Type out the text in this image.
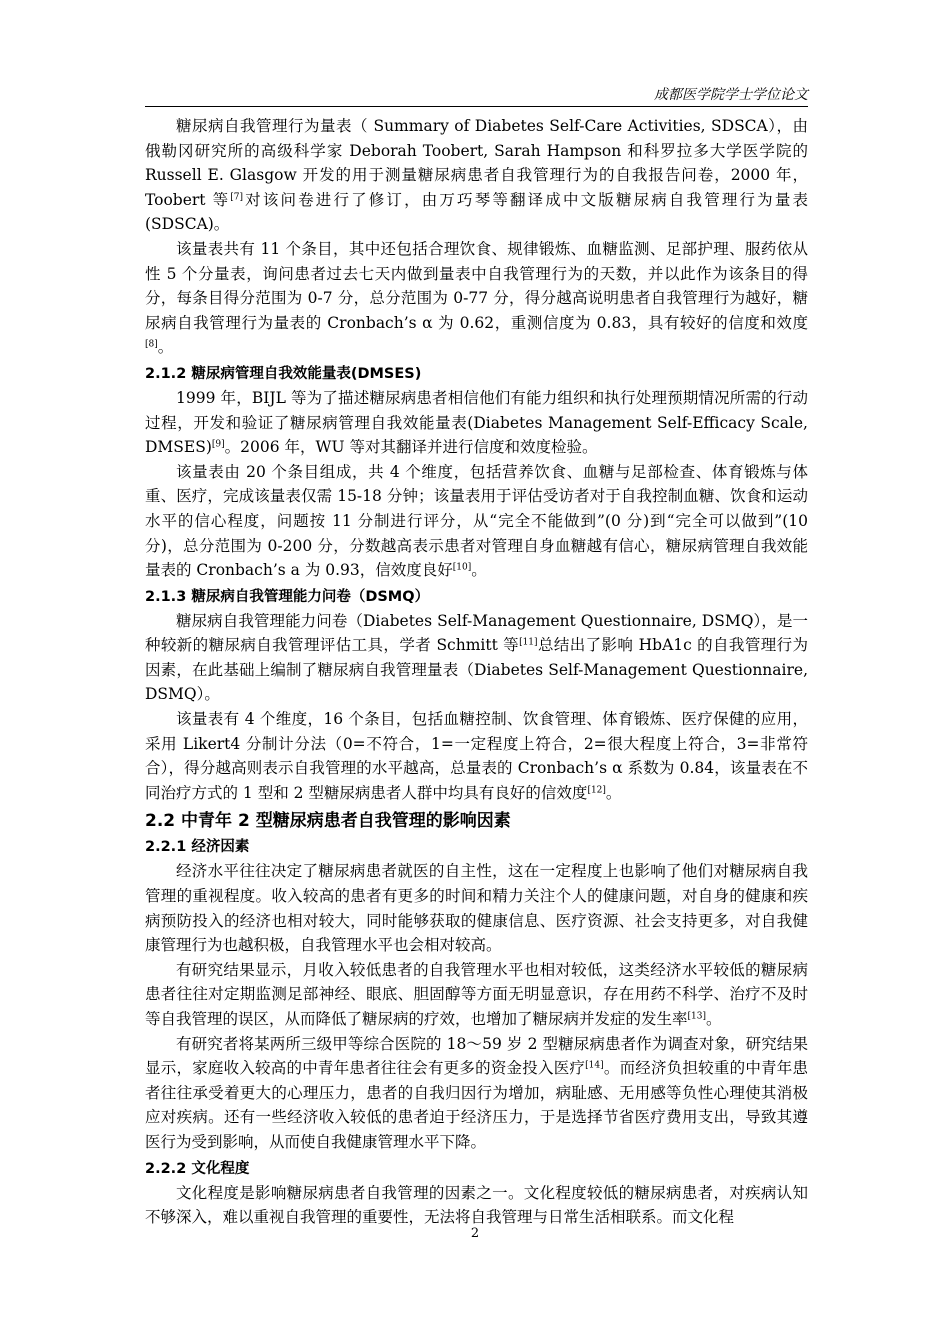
成都医学院学士学位论文

糖尿病自我管理行为量表（ Summary of Diabetes Self-Care Activities, SDSCA），由俄勒冈研究所的高级科学家 Deborah Toobert, Sarah Hampson 和科罗拉多大学医学院的 Russell E. Glasgow 开发的用于测量糖尿病患者自我管理行为的自我报告问卷，2000 年，Toobert 等[7]对该问卷进行了修订，由万巧琴等翻译成中文版糖尿病自我管理行为量表(SDSCA)。

该量表共有 11 个条目，其中还包括合理饮食、规律锻炼、血糖监测、足部护理、服药依从性 5 个分量表，询问患者过去七天内做到量表中自我管理行为的天数，并以此作为该条目的得分，每条目得分范围为 0-7 分，总分范围为 0-77 分，得分越高说明患者自我管理行为越好，糖尿病自我管理行为量表的 Cronbach’s α 为 0.62，重测信度为 0.83，具有较好的信度和效度[8]。

2.1.2 糖尿病管理自我效能量表(DMSES)

1999 年，BIJL 等为了描述糖尿病患者相信他们有能力组织和执行处理预期情况所需的行动过程，开发和验证了糖尿病管理自我效能量表(Diabetes Management Self-Efficacy Scale, DMSES)[9]。2006 年，WU 等对其翻译并进行信度和效度检验。

该量表由 20 个条目组成，共 4 个维度，包括营养饮食、血糖与足部检查、体育锻炼与体重、医疗，完成该量表仅需 15-18 分钟；该量表用于评估受访者对于自我控制血糖、饮食和运动水平的信心程度，问题按 11 分制进行评分，从“完全不能做到”(0 分)到“完全可以做到”(10 分)，总分范围为 0-200 分，分数越高表示患者对管理自身血糖越有信心，糖尿病管理自我效能量表的 Cronbach’s a 为 0.93，信效度良好[10]。

2.1.3 糖尿病自我管理能力问卷（DSMQ）

糖尿病自我管理能力问卷（Diabetes Self-Management Questionnaire, DSMQ），是一种较新的糖尿病自我管理评估工具，学者 Schmitt 等[11]总结出了影响 HbA1c 的自我管理行为因素，在此基础上编制了糖尿病自我管理量表（Diabetes Self-Management Questionnaire, DSMQ）。

该量表有 4 个维度，16 个条目，包括血糖控制、饮食管理、体育锻炼、医疗保健的应用，采用 Likert4 分制计分法（0=不符合，1=一定程度上符合，2=很大程度上符合，3=非常符合），得分越高则表示自我管理的水平越高，总量表的 Cronbach’s α 系数为 0.84，该量表在不同治疗方式的 1 型和 2 型糖尿病患者人群中均具有良好的信效度[12]。

2.2 中青年 2 型糖尿病患者自我管理的影响因素
2.2.1 经济因素

经济水平往往决定了糖尿病患者就医的自主性，这在一定程度上也影响了他们对糖尿病自我管理的重视程度。收入较高的患者有更多的时间和精力关注个人的健康问题，对自身的健康和疾病预防投入的经济也相对较大，同时能够获取的健康信息、医疗资源、社会支持更多，对自我健康管理行为也越积极，自我管理水平也会相对较高。

有研究结果显示，月收入较低患者的自我管理水平也相对较低，这类经济水平较低的糖尿病患者往往对定期监测足部神经、眼底、胆固醇等方面无明显意识，存在用药不科学、治疗不及时等自我管理的误区，从而降低了糖尿病的疗效，也增加了糖尿病并发症的发生率[13]。

有研究者将某两所三级甲等综合医院的 18～59 岁 2 型糖尿病患者作为调查对象，研究结果显示，家庭收入较高的中青年患者往往会有更多的资金投入医疗[14]。而经济负担较重的中青年患者往往承受着更大的心理压力，患者的自我归因行为增加，病耻感、无用感等负性心理使其消极应对疾病。还有一些经济收入较低的患者迫于经济压力，于是选择节省医疗费用支出，导致其遵医行为受到影响，从而使自我健康管理水平下降。

2.2.2 文化程度

文化程度是影响糖尿病患者自我管理的因素之一。文化程度较低的糖尿病患者，对疾病认知不够深入，难以重视自我管理的重要性，无法将自我管理与日常生活相联系。而文化程

2
